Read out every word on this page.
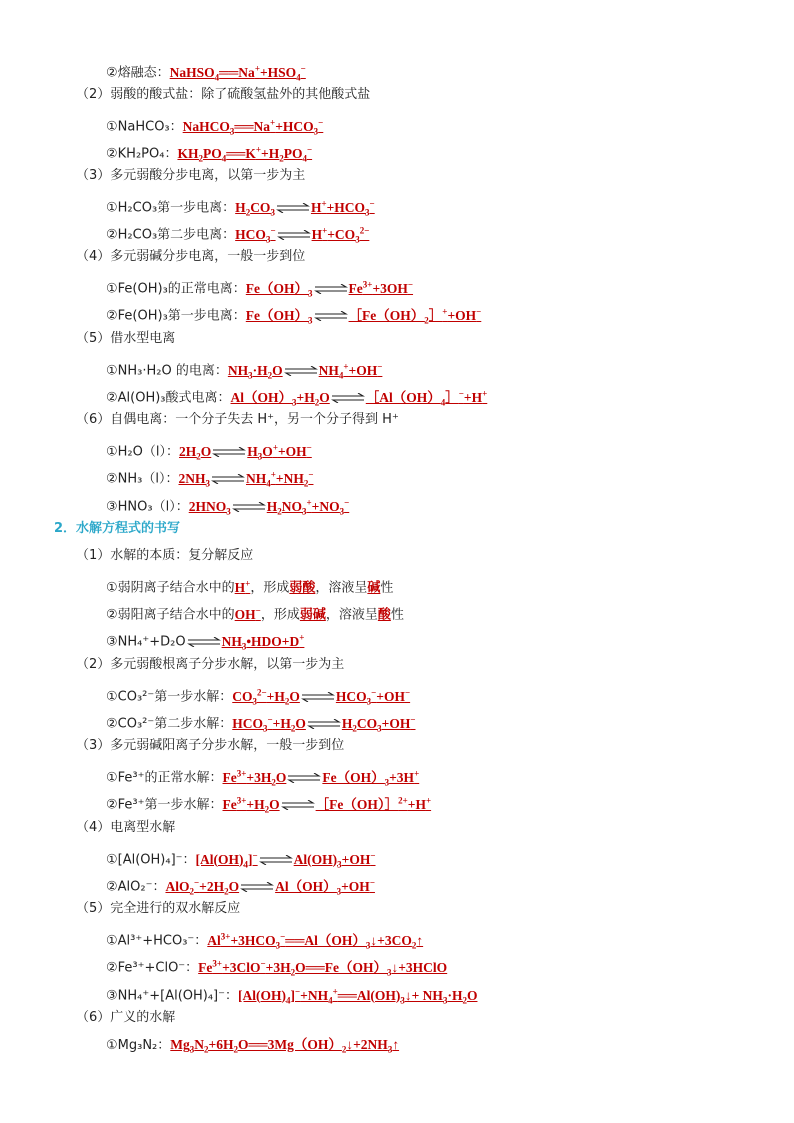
②熔融态：$NaHSO_4══Na^++HSO_4^-$
（2）弱酸的酸式盐：除了硫酸氢盐外的其他酸式盐
①NaHCO₃：$NaHCO_3══Na^++HCO_3^-$
②KH₂PO₄：$KH_2PO_4══K^++H_2PO_4^-$
（3）多元弱酸分步电离，以第一步为主
①H₂CO₃第一步电离：$H_2CO_3\rightleftharpoons H^++HCO_3^-$
②H₂CO₃第二步电离：$HCO_3^-$ $\rightleftharpoons H^++CO_3^{2-}$
（4）多元弱碱分步电离，一般一步到位
①Fe(OH)₃的正常电离：$Fe(OH)_3\rightleftharpoons Fe^{3+}+3OH^-$
②Fe(OH)₃第一步电离：$Fe(OH)_3\rightleftharpoons[Fe(OH)_2]^++OH^-$
（5）借水型电离
①NH₃·H₂O 的电离：$NH_3\cdot H_2O\rightleftharpoons NH_4^++OH^-$
②Al(OH)₃酸式电离：$Al(OH)_3+H_2O\rightleftharpoons[Al(OH)_4]^-+H^+$
（6）自偶电离：一个分子失去 H⁺，另一个分子得到 H⁺
①H₂O（l）：$2H_2O\rightleftharpoons H_3O^++OH^-$
②NH₃（l）：$2NH_3\rightleftharpoons NH_4^++NH_2^-$
③HNO₃（l）：$2HNO_3\rightleftharpoons H_2NO_3^++NO_3^-$
2．水解方程式的书写
（1）水解的本质：复分解反应
①弱阴离子结合水中的H+，形成弱酸，溶液呈碱性
②弱阳离子结合水中的OH−，形成弱碱，溶液呈酸性
$③NH_4^++D_2O\rightleftharpoons NH_3•HDO+D^+$
（2）多元弱酸根离子分步水解，以第一步为主
①CO₃²⁻第一步水解：$CO_3^{2-}+H_2O\rightleftharpoons HCO_3^-+OH^-$
②CO₃²⁻第二步水解：$HCO_3^-+H_2O\rightleftharpoons H_2CO_3+OH^-$
（3）多元弱碱阳离子分步水解，一般一步到位
①Fe³⁺的正常水解：$Fe^{3+}+3H_2O\rightleftharpoons Fe(OH)_3+3H^+$
②Fe³⁺第一步水解：$Fe^{3+}+H_2O\rightleftharpoons[Fe(OH)]^{2+}+H^+$
（4）电离型水解
①[Al(OH)₄]⁻：$[Al(OH)_4]^-$ $\rightleftharpoons Al(OH)_3+OH^-$
②AlO₂⁻：$AlO_2^-+2H_2O\rightleftharpoons Al(OH)_3+OH^-$
（5）完全进行的双水解反应
①Al³⁺+HCO₃⁻：$Al^{3+}+3HCO_3^-══Al(OH)_3↓+3CO_2↑$
②Fe³⁺+ClO⁻：$Fe^{3+}+3ClO^-+3H_2O══Fe(OH)_3↓+3HClO$
③NH₄⁺+[Al(OH)₄]⁻：$[Al(OH)_4]^-+NH_4^+══Al(OH)_3↓+ NH_3\cdot H_2O$
（6）广义的水解
①Mg₃N₂：$Mg_3N_2+6H_2O══3Mg(OH)_2↓+2NH_3↑$
